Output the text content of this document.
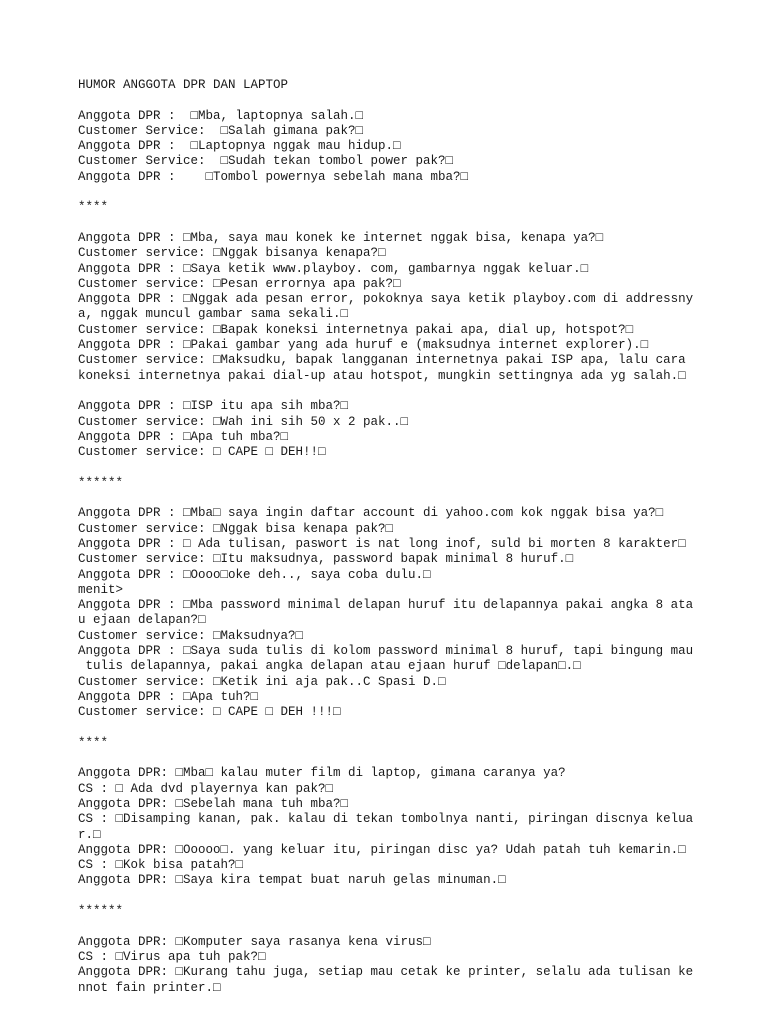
HUMOR ANGGOTA DPR DAN LAPTOP
Anggota DPR :  □Mba, laptopnya salah.□
Customer Service:  □Salah gimana pak?□
Anggota DPR :  □Laptopnya nggak mau hidup.□
Customer Service:  □Sudah tekan tombol power pak?□
Anggota DPR :    □Tombol powernya sebelah mana mba?□
****
Anggota DPR : □Mba, saya mau konek ke internet nggak bisa, kenapa ya?□
Customer service: □Nggak bisanya kenapa?□
Anggota DPR : □Saya ketik www.playboy. com, gambarnya nggak keluar.□
Customer service: □Pesan errornya apa pak?□
Anggota DPR : □Nggak ada pesan error, pokoknya saya ketik playboy.com di addressny
a, nggak muncul gambar sama sekali.□
Customer service: □Bapak koneksi internetnya pakai apa, dial up, hotspot?□
Anggota DPR : □Pakai gambar yang ada huruf e (maksudnya internet explorer).□
Customer service: □Maksudku, bapak langganan internetnya pakai ISP apa, lalu cara
koneksi internetnya pakai dial-up atau hotspot, mungkin settingnya ada yg salah.□
Anggota DPR : □ISP itu apa sih mba?□
Customer service: □Wah ini sih 50 x 2 pak..□
Anggota DPR : □Apa tuh mba?□
Customer service: □ CAPE □ DEH!!□
******
Anggota DPR : □Mba□ saya ingin daftar account di yahoo.com kok nggak bisa ya?□
Customer service: □Nggak bisa kenapa pak?□
Anggota DPR : □ Ada tulisan, paswort is nat long inof, suld bi morten 8 karakter□
Customer service: □Itu maksudnya, password bapak minimal 8 huruf.□
Anggota DPR : □Oooo□oke deh.., saya coba dulu.□
menit>
Anggota DPR : □Mba password minimal delapan huruf itu delapannya pakai angka 8 ata
u ejaan delapan?□
Customer service: □Maksudnya?□
Anggota DPR : □Saya suda tulis di kolom password minimal 8 huruf, tapi bingung mau
tulis delapannya, pakai angka delapan atau ejaan huruf □delapan□.□
Customer service: □Ketik ini aja pak..C Spasi D.□
Anggota DPR : □Apa tuh?□
Customer service: □ CAPE □ DEH !!!□
****
Anggota DPR: □Mba□ kalau muter film di laptop, gimana caranya ya?
CS : □ Ada dvd playernya kan pak?□
Anggota DPR: □Sebelah mana tuh mba?□
CS : □Disamping kanan, pak. kalau di tekan tombolnya nanti, piringan discnya kelua
r.□
Anggota DPR: □Ooooo□. yang keluar itu, piringan disc ya? Udah patah tuh kemarin.□
CS : □Kok bisa patah?□
Anggota DPR: □Saya kira tempat buat naruh gelas minuman.□
******
Anggota DPR: □Komputer saya rasanya kena virus□
CS : □Virus apa tuh pak?□
Anggota DPR: □Kurang tahu juga, setiap mau cetak ke printer, selalu ada tulisan ke
nnot fain printer.□
